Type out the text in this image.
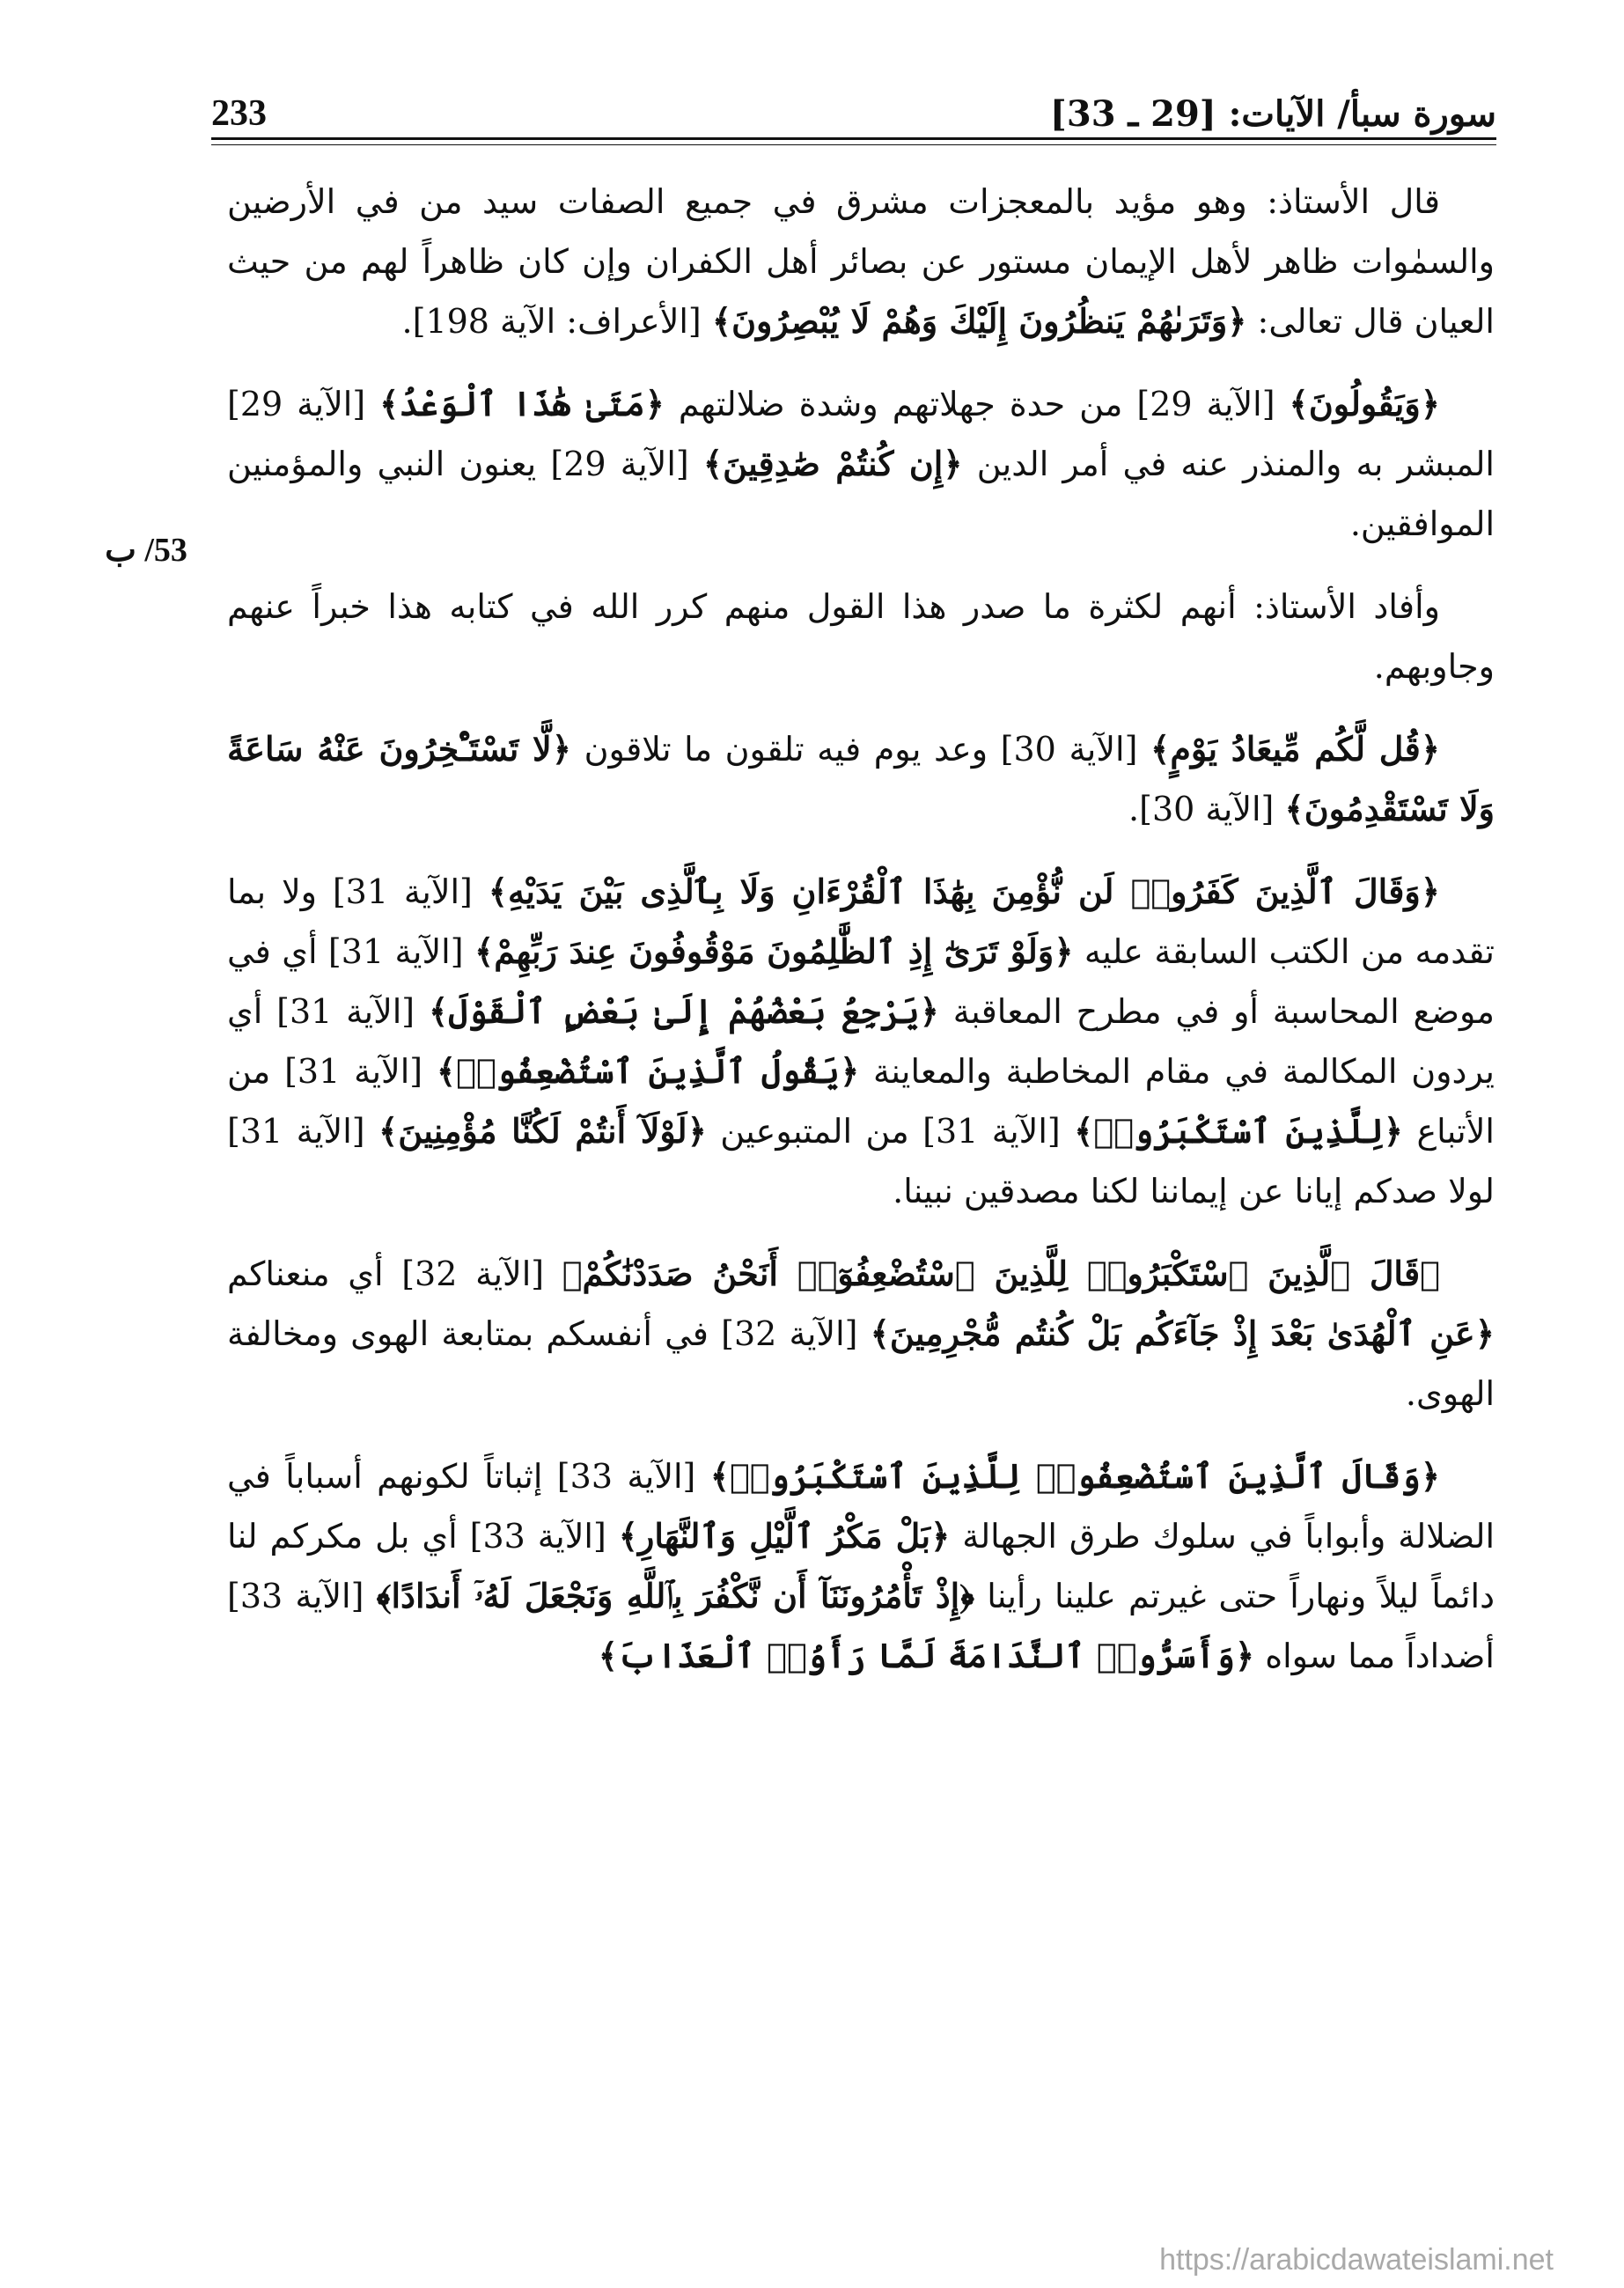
233	سورة سبأ/ الآيات: [29 ـ 33]
53/ ب

قال الأستاذ: وهو مؤيد بالمعجزات مشرق في جميع الصفات سيد من في الأرضين والسمٰوات ظاهر لأهل الإيمان مستور عن بصائر أهل الكفران وإن كان ظاهراً لهم من حيث العيان قال تعالى: ﴿وَتَرَىٰهُمْ يَنظُرُونَ إِلَيْكَ وَهُمْ لَا يُبْصِرُونَ﴾ [الأعراف: الآية 198].

﴿وَيَقُولُونَ﴾ [الآية 29] من حدة جهلاتهم وشدة ضلالتهم ﴿مَتَىٰ هَٰذَا ٱلْوَعْدُ﴾ [الآية 29] المبشر به والمنذر عنه في أمر الدين ﴿إِن كُنتُمْ صَٰدِقِينَ﴾ [الآية 29] يعنون النبي والمؤمنين الموافقين.

وأفاد الأستاذ: أنهم لكثرة ما صدر هذا القول منهم كرر الله في كتابه هذا خبراً عنهم وجاوبهم.

﴿قُل لَّكُم مِّيعَادُ يَوْمٍ﴾ [الآية 30] وعد يوم فيه تلقون ما تلاقون ﴿لَّا تَسْتَـْٔخِرُونَ عَنْهُ سَاعَةً وَلَا تَسْتَقْدِمُونَ﴾ [الآية 30].

﴿وَقَالَ ٱلَّذِينَ كَفَرُوا۟ لَن نُّؤْمِنَ بِهَٰذَا ٱلْقُرْءَانِ وَلَا بِٱلَّذِى بَيْنَ يَدَيْهِ﴾ [الآية 31] ولا بما تقدمه من الكتب السابقة عليه ﴿وَلَوْ تَرَىٰٓ إِذِ ٱلظَّٰلِمُونَ مَوْقُوفُونَ عِندَ رَبِّهِمْ﴾ [الآية 31] أي في موضع المحاسبة أو في مطرح المعاقبة ﴿يَرْجِعُ بَعْضُهُمْ إِلَىٰ بَعْضٍ ٱلْقَوْلَ﴾ [الآية 31] أي يردون المكالمة في مقام المخاطبة والمعاينة ﴿يَقُولُ ٱلَّذِينَ ٱسْتُضْعِفُوا۟﴾ [الآية 31] من الأتباع ﴿لِلَّذِينَ ٱسْتَكْبَرُوا۟﴾ [الآية 31] من المتبوعين ﴿لَوْلَآ أَنتُمْ لَكُنَّا مُؤْمِنِينَ﴾ [الآية 31] لولا صدكم إيانا عن إيماننا لكنا مصدقين نبينا.

﴿قَالَ ٱلَّذِينَ ٱسْتَكْبَرُوا۟ لِلَّذِينَ ٱسْتُضْعِفُوٓا۟ أَنَحْنُ صَدَدْنَٰكُمْ﴾ [الآية 32] أي منعناكم ﴿عَنِ ٱلْهُدَىٰ بَعْدَ إِذْ جَآءَكُم بَلْ كُنتُم مُّجْرِمِينَ﴾ [الآية 32] في أنفسكم بمتابعة الهوى ومخالفة الهوى.

﴿وَقَالَ ٱلَّذِينَ ٱسْتُضْعِفُوا۟ لِلَّذِينَ ٱسْتَكْبَرُوا۟﴾ [الآية 33] إثباتاً لكونهم أسباباً في الضلالة وأبواباً في سلوك طرق الجهالة ﴿بَلْ مَكْرُ ٱلَّيْلِ وَٱلنَّهَارِ﴾ [الآية 33] أي بل مكركم لنا دائماً ليلاً ونهاراً حتى غيرتم علينا رأينا ﴿إِذْ تَأْمُرُونَنَآ أَن نَّكْفُرَ بِٱللَّهِ وَنَجْعَلَ لَهُۥٓ أَندَادًا﴾ [الآية 33] أضداداً مما سواه ﴿وَأَسَرُّوا۟ ٱلنَّدَامَةَ لَمَّا رَأَوُا۟ ٱلْعَذَابَ﴾

https://arabicdawateislami.net
